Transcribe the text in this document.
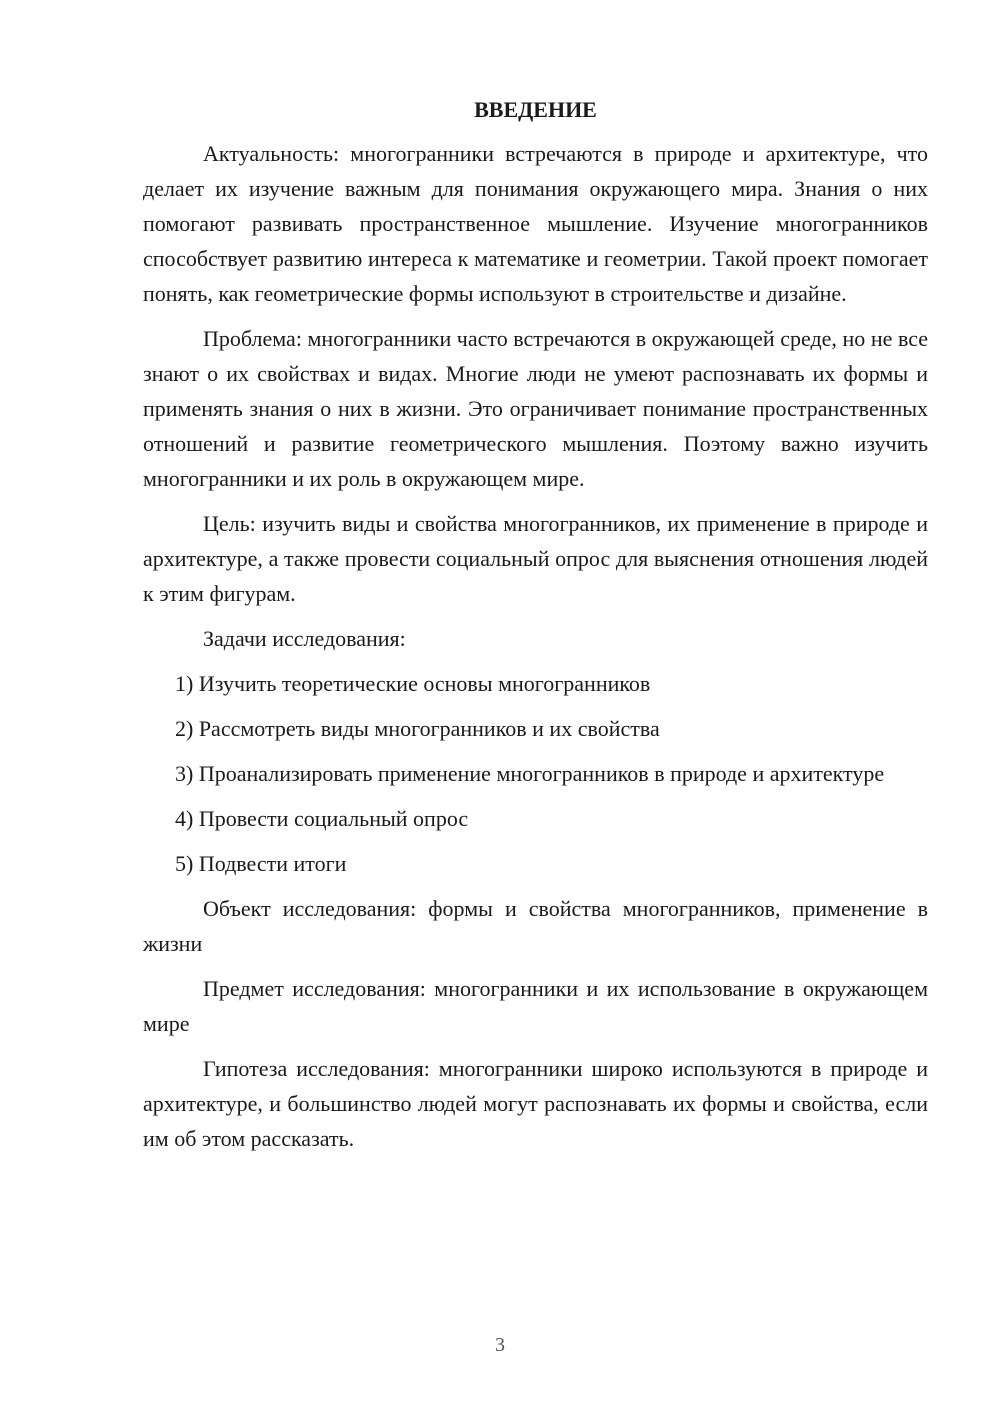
ВВЕДЕНИЕ

Актуальность: многогранники встречаются в природе и архитектуре, что делает их изучение важным для понимания окружающего мира. Знания о них помогают развивать пространственное мышление. Изучение многогранников способствует развитию интереса к математике и геометрии. Такой проект помогает понять, как геометрические формы используют в строительстве и дизайне.

Проблема: многогранники часто встречаются в окружающей среде, но не все знают о их свойствах и видах. Многие люди не умеют распознавать их формы и применять знания о них в жизни. Это ограничивает понимание пространственных отношений и развитие геометрического мышления. Поэтому важно изучить многогранники и их роль в окружающем мире.

Цель: изучить виды и свойства многогранников, их применение в природе и архитектуре, а также провести социальный опрос для выяснения отношения людей к этим фигурам.

Задачи исследования:

1) Изучить теоретические основы многогранников

2) Рассмотреть виды многогранников и их свойства

3) Проанализировать применение многогранников в природе и архитектуре

4) Провести социальный опрос

5) Подвести итоги

Объект исследования: формы и свойства многогранников, применение в жизни

Предмет исследования: многогранники и их использование в окружающем мире

Гипотеза исследования: многогранники широко используются в природе и архитектуре, и большинство людей могут распознавать их формы и свойства, если им об этом рассказать.

3
